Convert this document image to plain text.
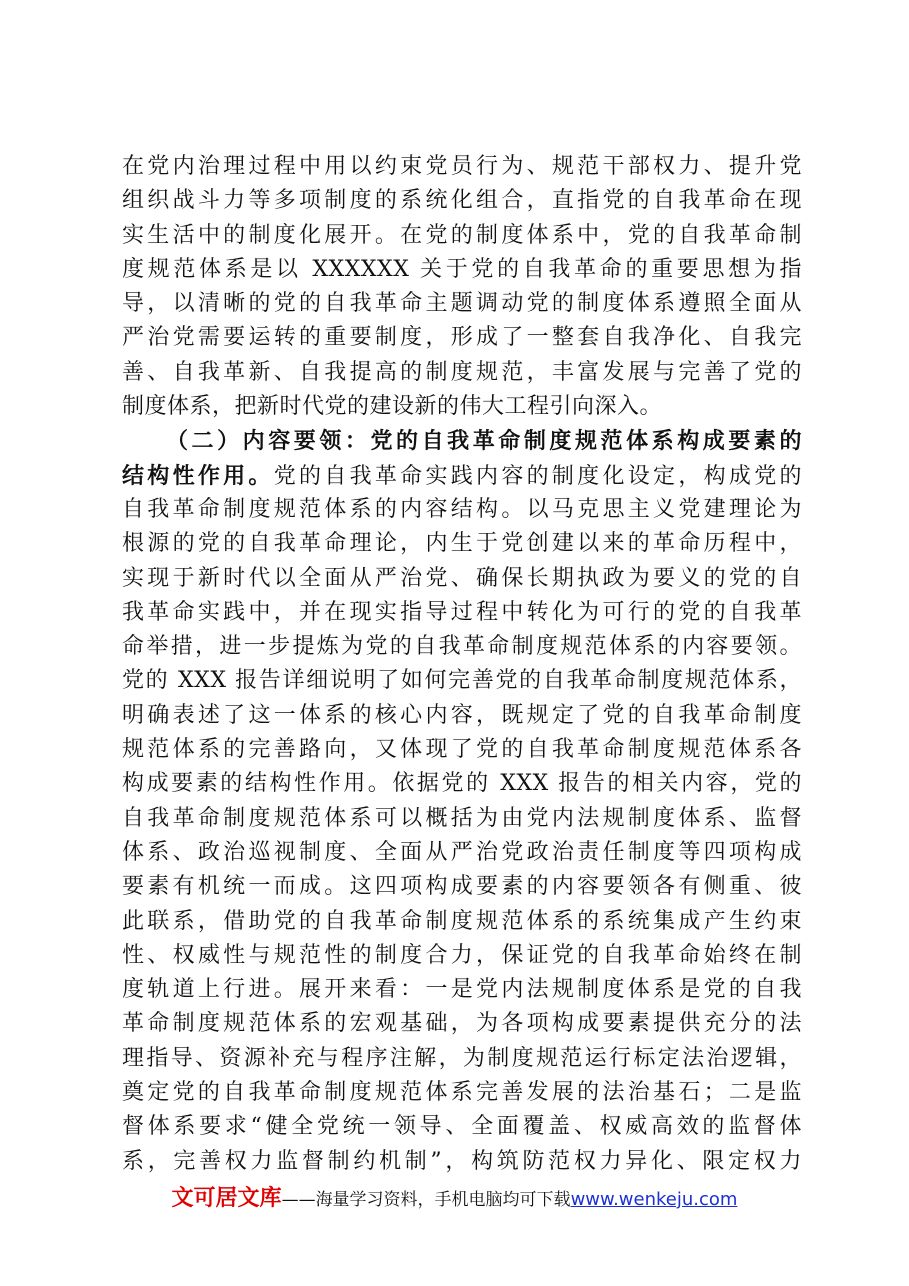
在党内治理过程中用以约束党员行为、规范干部权力、提升党
组织战斗力等多项制度的系统化组合，直指党的自我革命在现
实生活中的制度化展开。在党的制度体系中，党的自我革命制
度规范体系是以 XXXXXX 关于党的自我革命的重要思想为指
导，以清晰的党的自我革命主题调动党的制度体系遵照全面从
严治党需要运转的重要制度，形成了一整套自我净化、自我完
善、自我革新、自我提高的制度规范，丰富发展与完善了党的
制度体系，把新时代党的建设新的伟大工程引向深入。
（二）内容要领：党的自我革命制度规范体系构成要素的
结构性作用。党的自我革命实践内容的制度化设定，构成党的
自我革命制度规范体系的内容结构。以马克思主义党建理论为
根源的党的自我革命理论，内生于党创建以来的革命历程中，
实现于新时代以全面从严治党、确保长期执政为要义的党的自
我革命实践中，并在现实指导过程中转化为可行的党的自我革
命举措，进一步提炼为党的自我革命制度规范体系的内容要领。
党的 XXX 报告详细说明了如何完善党的自我革命制度规范体系，
明确表述了这一体系的核心内容，既规定了党的自我革命制度
规范体系的完善路向，又体现了党的自我革命制度规范体系各
构成要素的结构性作用。依据党的 XXX 报告的相关内容，党的
自我革命制度规范体系可以概括为由党内法规制度体系、监督
体系、政治巡视制度、全面从严治党政治责任制度等四项构成
要素有机统一而成。这四项构成要素的内容要领各有侧重、彼
此联系，借助党的自我革命制度规范体系的系统集成产生约束
性、权威性与规范性的制度合力，保证党的自我革命始终在制
度轨道上行进。展开来看：一是党内法规制度体系是党的自我
革命制度规范体系的宏观基础，为各项构成要素提供充分的法
理指导、资源补充与程序注解，为制度规范运行标定法治逻辑，
奠定党的自我革命制度规范体系完善发展的法治基石；二是监
督体系要求“健全党统一领导、全面覆盖、权威高效的监督体
系，完善权力监督制约机制”，构筑防范权力异化、限定权力
文可居文库——海量学习资料，手机电脑均可下载www.wenkeju.com
